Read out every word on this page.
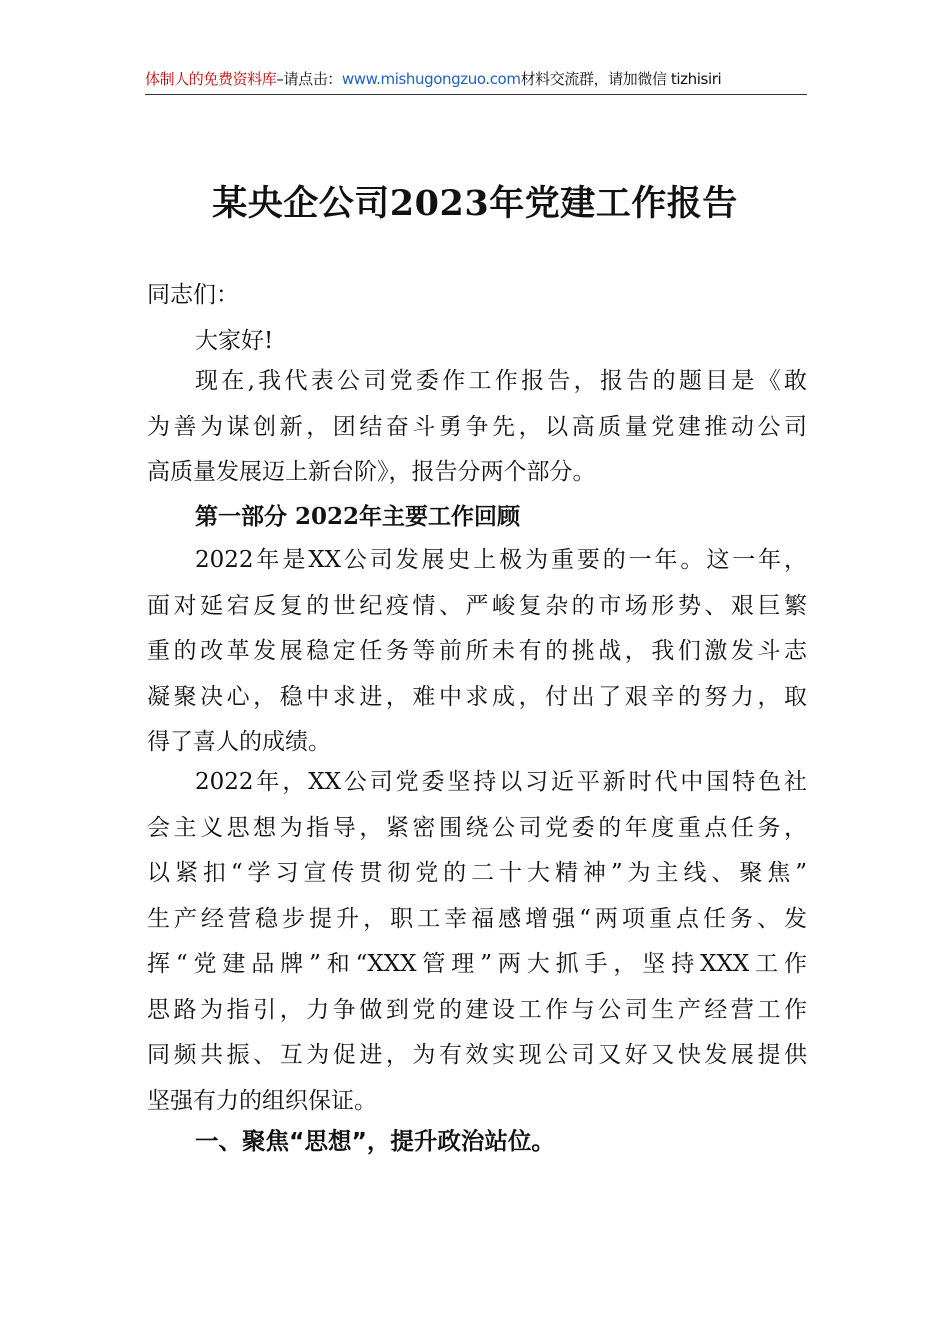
体制人的免费资料库–请点击：www.mishugongzuo.com材料交流群，请加微信 tizhisiri
某央企公司2023年党建工作报告
同志们：
大家好!
现在,我代表公司党委作工作报告，报告的题目是《敢
为善为谋创新，团结奋斗勇争先，以高质量党建推动公司
高质量发展迈上新台阶》，报告分两个部分。
第一部分 2022年主要工作回顾
2022年是XX公司发展史上极为重要的一年。这一年，
面对延宕反复的世纪疫情、严峻复杂的市场形势、艰巨繁
重的改革发展稳定任务等前所未有的挑战，我们激发斗志
凝聚决心，稳中求进，难中求成，付出了艰辛的努力，取
得了喜人的成绩。
2022年，XX公司党委坚持以习近平新时代中国特色社
会主义思想为指导，紧密围绕公司党委的年度重点任务，
以紧扣“学习宣传贯彻党的二十大精神”为主线、聚焦”
生产经营稳步提升，职工幸福感增强“两项重点任务、发
挥“党建品牌”和“XXX管理”两大抓手，坚持XXX工作
思路为指引，力争做到党的建设工作与公司生产经营工作
同频共振、互为促进，为有效实现公司又好又快发展提供
坚强有力的组织保证。
一、聚焦“思想”，提升政治站位。
